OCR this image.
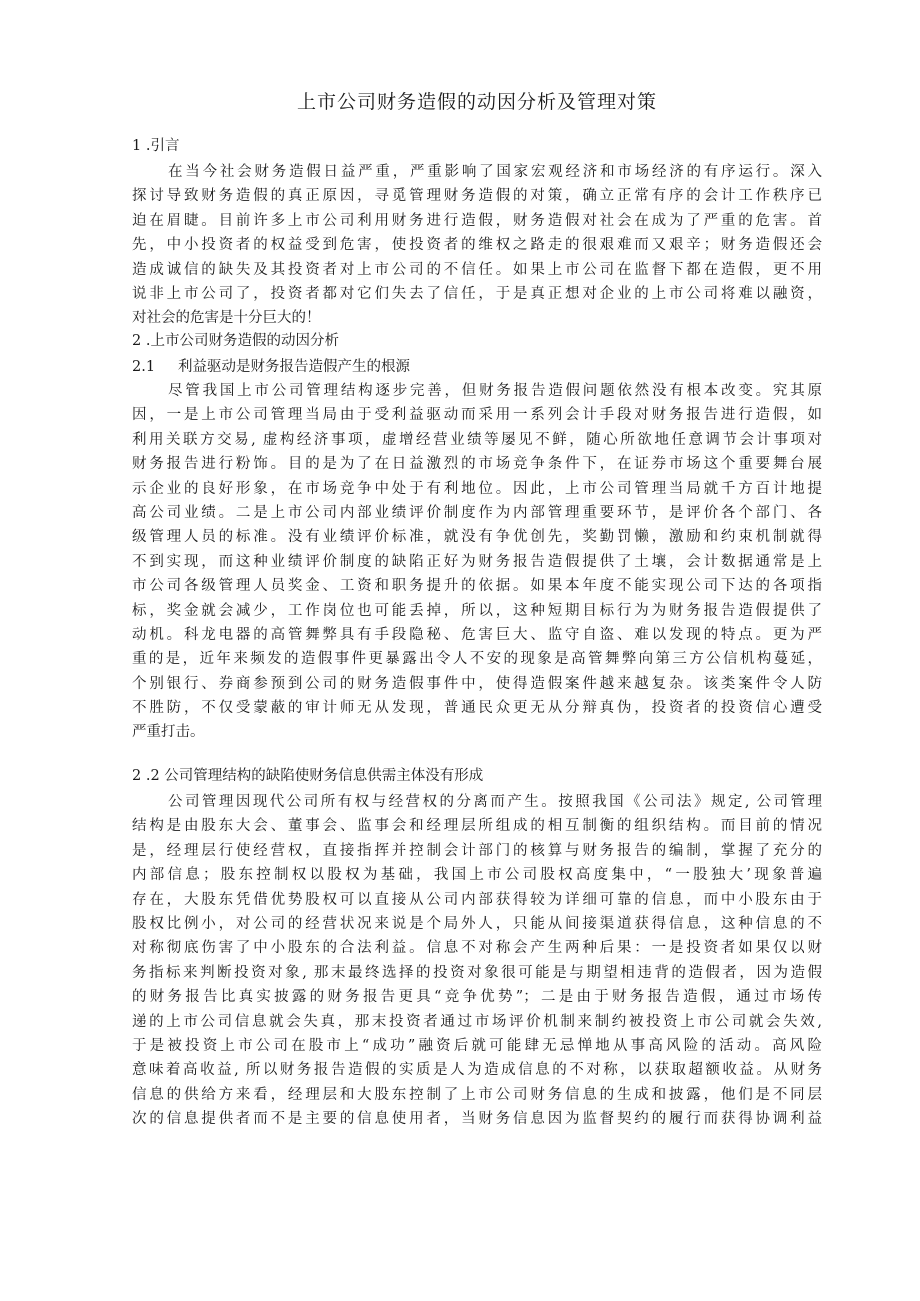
上市公司财务造假的动因分析及管理对策
1 .引言
在当今社会财务造假日益严重，严重影响了国家宏观经济和市场经济的有序运行。深入
探讨导致财务造假的真正原因，寻觅管理财务造假的对策，确立正常有序的会计工作秩序已
迫在眉睫。目前许多上市公司利用财务进行造假，财务造假对社会在成为了严重的危害。首
先，中小投资者的权益受到危害，使投资者的维权之路走的很艰难而又艰辛；财务造假还会
造成诚信的缺失及其投资者对上市公司的不信任。如果上市公司在监督下都在造假，更不用
说非上市公司了，投资者都对它们失去了信任，于是真正想对企业的上市公司将难以融资，
对社会的危害是十分巨大的！
2 .上市公司财务造假的动因分析
2.1 利益驱动是财务报告造假产生的根源
尽管我国上市公司管理结构逐步完善，但财务报告造假问题依然没有根本改变。究其原
因，一是上市公司管理当局由于受利益驱动而采用一系列会计手段对财务报告进行造假，如
利用关联方交易, 虚构经济事项，虚增经营业绩等屡见不鲜，随心所欲地任意调节会计事项对
财务报告进行粉饰。目的是为了在日益激烈的市场竞争条件下，在证券市场这个重要舞台展
示企业的良好形象，在市场竞争中处于有利地位。因此，上市公司管理当局就千方百计地提
高公司业绩。二是上市公司内部业绩评价制度作为内部管理重要环节，是评价各个部门、各
级管理人员的标准。没有业绩评价标准，就没有争优创先，奖勤罚懒，激励和约束机制就得
不到实现，而这种业绩评价制度的缺陷正好为财务报告造假提供了土壤，会计数据通常是上
市公司各级管理人员奖金、工资和职务提升的依据。如果本年度不能实现公司下达的各项指
标，奖金就会减少，工作岗位也可能丢掉，所以，这种短期目标行为为财务报告造假提供了
动机。科龙电器的高管舞弊具有手段隐秘、危害巨大、监守自盗、难以发现的特点。更为严
重的是，近年来频发的造假事件更暴露出令人不安的现象是高管舞弊向第三方公信机构蔓延，
个别银行、券商参预到公司的财务造假事件中，使得造假案件越来越复杂。该类案件令人防
不胜防，不仅受蒙蔽的审计师无从发现，普通民众更无从分辩真伪，投资者的投资信心遭受
严重打击。
2 .2 公司管理结构的缺陷使财务信息供需主体没有形成
公司管理因现代公司所有权与经营权的分离而产生。按照我国《公司法》规定, 公司管理
结构是由股东大会、董事会、监事会和经理层所组成的相互制衡的组织结构。而目前的情况
是，经理层行使经营权，直接指挥并控制会计部门的核算与财务报告的编制，掌握了充分的
内部信息；股东控制权以股权为基础，我国上市公司股权高度集中，“一股独大’现象普遍
存在，大股东凭借优势股权可以直接从公司内部获得较为详细可靠的信息，而中小股东由于
股权比例小，对公司的经营状况来说是个局外人，只能从间接渠道获得信息，这种信息的不
对称彻底伤害了中小股东的合法利益。信息不对称会产生两种后果：一是投资者如果仅以财
务指标来判断投资对象, 那末最终选择的投资对象很可能是与期望相违背的造假者，因为造假
的财务报告比真实披露的财务报告更具“竞争优势”；二是由于财务报告造假，通过市场传
递的上市公司信息就会失真，那末投资者通过市场评价机制来制约被投资上市公司就会失效,
于是被投资上市公司在股市上“成功”融资后就可能肆无忌惮地从事高风险的活动。高风险
意味着高收益, 所以财务报告造假的实质是人为造成信息的不对称，以获取超额收益。从财务
信息的供给方来看，经理层和大股东控制了上市公司财务信息的生成和披露，他们是不同层
次的信息提供者而不是主要的信息使用者，当财务信息因为监督契约的履行而获得协调利益
